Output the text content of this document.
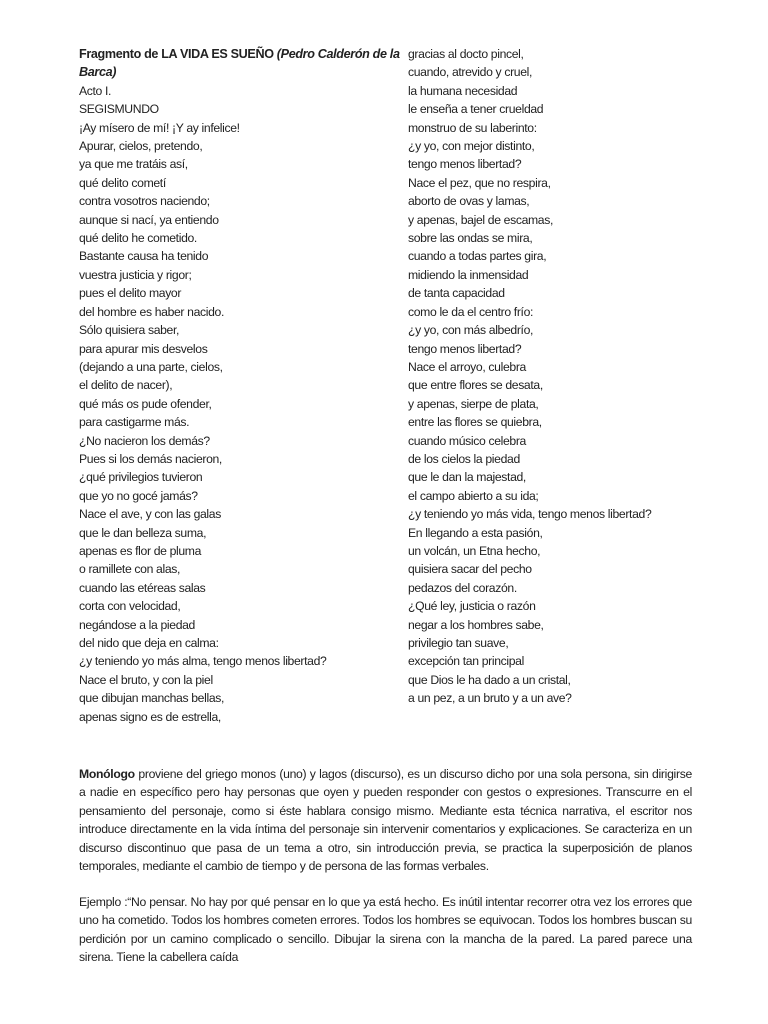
Fragmento de LA VIDA ES SUEÑO (Pedro Calderón de la
Barca)
Acto I.
SEGISMUNDO
¡Ay mísero de mí! ¡Y ay infelice!
Apurar, cielos, pretendo,
ya que me tratáis así,
qué delito cometí
contra vosotros naciendo;
aunque si nací, ya entiendo
qué delito he cometido.
Bastante causa ha tenido
vuestra justicia y rigor;
pues el delito mayor
del hombre es haber nacido.
Sólo quisiera saber,
para apurar mis desvelos
(dejando a una parte, cielos,
el delito de nacer),
qué más os pude ofender,
para castigarme más.
¿No nacieron los demás?
Pues si los demás nacieron,
¿qué privilegios tuvieron
que yo no gocé jamás?
Nace el ave, y con las galas
que le dan belleza suma,
apenas es flor de pluma
o ramillete con alas,
cuando las etéreas salas
corta con velocidad,
negándose a la piedad
del nido que deja en calma:
¿y teniendo yo más alma, tengo menos libertad?
Nace el bruto, y con la piel
que dibujan manchas bellas,
apenas signo es de estrella,
gracias al docto pincel,
cuando, atrevido y cruel,
la humana necesidad
le enseña a tener crueldad
monstruo de su laberinto:
¿y yo, con mejor distinto,
tengo menos libertad?
Nace el pez, que no respira,
aborto de ovas y lamas,
y apenas, bajel de escamas,
sobre las ondas se mira,
cuando a todas partes gira,
midiendo la inmensidad
de tanta capacidad
como le da el centro frío:
¿y yo, con más albedrío,
tengo menos libertad?
Nace el arroyo, culebra
que entre flores se desata,
y apenas, sierpe de plata,
entre las flores se quiebra,
cuando músico celebra
de los cielos la piedad
que le dan la majestad,
el campo abierto a su ida;
¿y teniendo yo más vida, tengo menos libertad?
En llegando a esta pasión,
un volcán, un Etna hecho,
quisiera sacar del pecho
pedazos del corazón.
¿Qué ley, justicia o razón
negar a los hombres sabe,
privilegio tan suave,
excepción tan principal
que Dios le ha dado a un cristal,
a un pez, a un bruto y a un ave?

Monólogo proviene del griego monos (uno) y lagos (discurso), es un discurso dicho por una sola persona, sin dirigirse a nadie en específico pero hay personas que oyen y pueden responder con gestos o expresiones. Transcurre en el pensamiento del personaje, como si éste hablara consigo mismo. Mediante esta técnica narrativa, el escritor nos introduce directamente en la vida íntima del personaje sin intervenir comentarios y explicaciones. Se caracteriza en un discurso discontinuo que pasa de un tema a otro, sin introducción previa, se practica la superposición de planos temporales, mediante el cambio de tiempo y de persona de las formas verbales.

Ejemplo :“No pensar. No hay por qué pensar en lo que ya está hecho. Es inútil intentar recorrer otra vez los errores que uno ha cometido. Todos los hombres cometen errores. Todos los hombres se equivocan. Todos los hombres buscan su perdición por un camino complicado o sencillo. Dibujar la sirena con la mancha de la pared. La pared parece una sirena. Tiene la cabellera caída
